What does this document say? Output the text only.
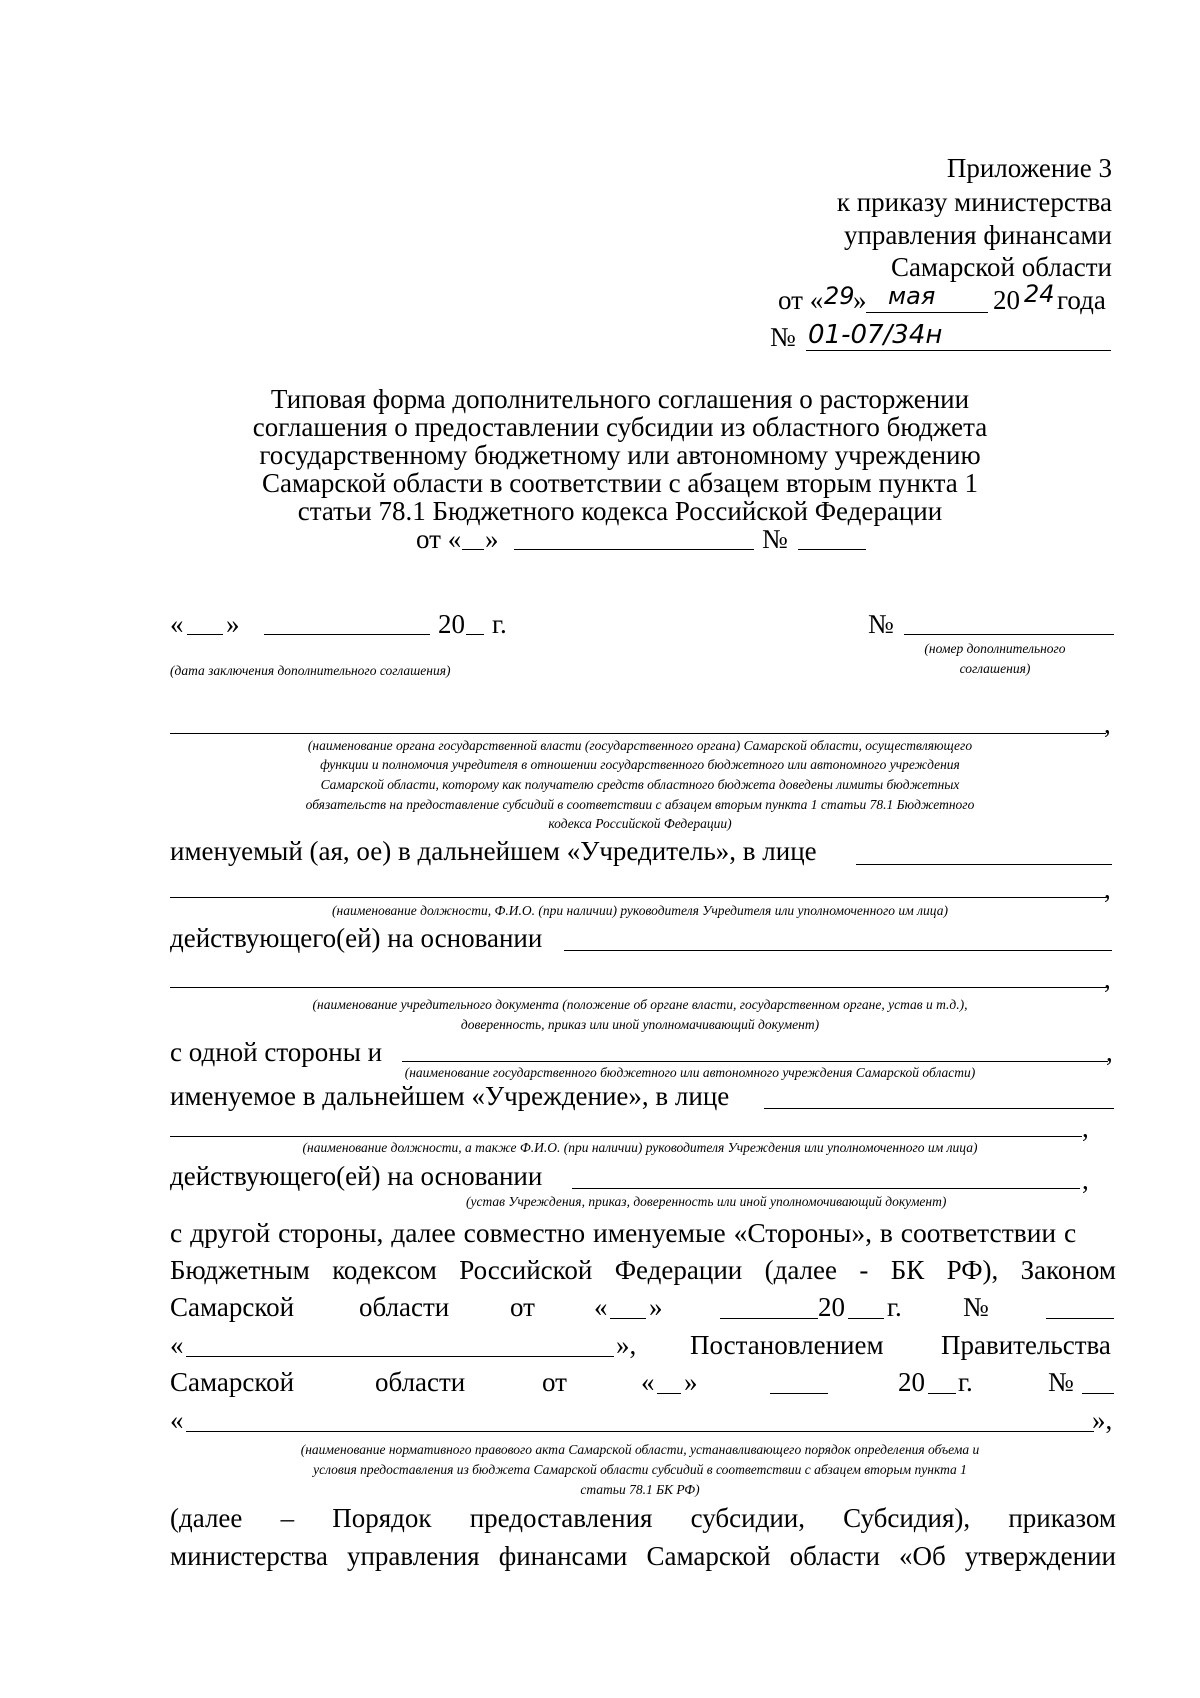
Приложение 3
к приказу министерства
управления финансами
Самарской области
от « 29
» мая 20 24 года
№ 01-07/34н
Типовая форма дополнительного соглашения о расторжении
соглашения о предоставлении субсидии из областного бюджета
государственному бюджетному или автономному учреждению
Самарской области в соответствии с абзацем вторым пункта 1
статьи 78.1 Бюджетного кодекса Российской Федерации
от « »	№
« »	20 г.	№
(дата заключения дополнительного соглашения)
(номер дополнительного
соглашения)
,
(наименование органа государственной власти (государственного органа) Самарской области, осуществляющего
функции и полномочия учредителя в отношении государственного бюджетного или автономного учреждения
Самарской области, которому как получателю средств областного бюджета доведены лимиты бюджетных
обязательств на предоставление субсидий в соответствии с абзацем вторым пункта 1 статьи 78.1 Бюджетного
кодекса Российской Федерации)
именуемый (ая, ое) в дальнейшем «Учредитель», в лице
,
(наименование должности, Ф.И.О. (при наличии) руководителя Учредителя или уполномоченного им лица)
действующего(ей) на основании
,
(наименование учредительного документа (положение об органе власти, государственном органе, устав и т.д.),
доверенность, приказ или иной уполномачивающий документ)
с одной стороны и	,
(наименование государственного бюджетного или автономного учреждения Самарской области)
именуемое в дальнейшем «Учреждение», в лице
,
(наименование должности, а также Ф.И.О. (при наличии) руководителя Учреждения или уполномоченного им лица)
действующего(ей) на основании	,
(устав Учреждения, приказ, доверенность или иной уполномочивающий документ)
с другой стороны, далее совместно именуемые «Стороны», в соответствии с
Бюджетным кодексом Российской Федерации (далее - БК РФ), Законом
Самарской области от « »	20 г. №
«	», Постановлением Правительства
Самарской	области	от	« »	20 г.	№
«	»,
(наименование нормативного правового акта Самарской области, устанавливающего порядок определения объема и
условия предоставления из бюджета Самарской области субсидий в соответствии с абзацем вторым пункта 1
статьи 78.1 БК РФ)
(далее – Порядок предоставления субсидии, Субсидия), приказом
министерства управления финансами Самарской области «Об утверждении
